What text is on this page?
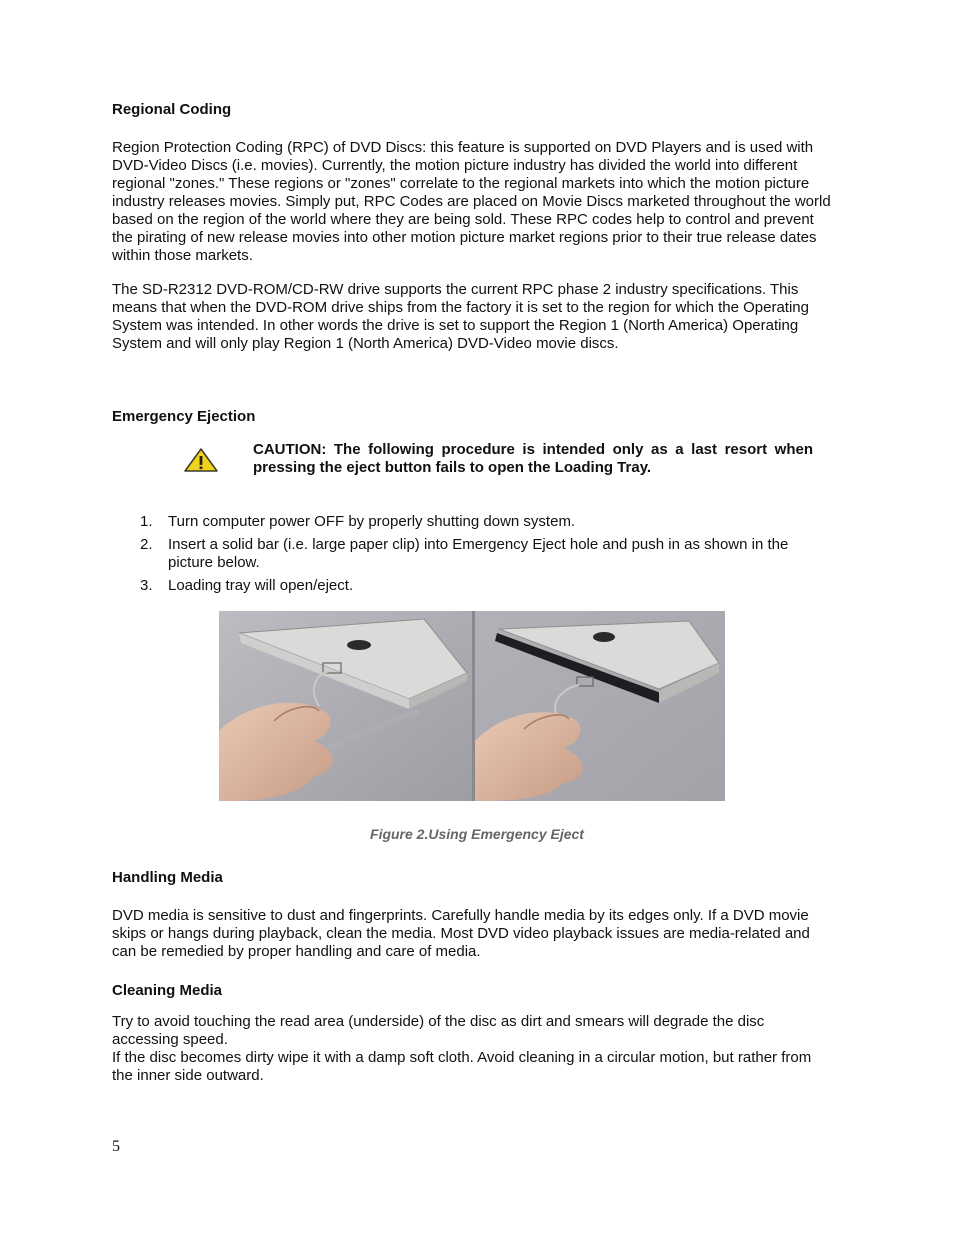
Regional Coding

Region Protection Coding (RPC) of DVD Discs: this feature is supported on DVD Players and is used with DVD-Video Discs (i.e. movies). Currently, the motion picture industry has divided the world into different regional "zones." These regions or "zones" correlate to the regional markets into which the motion picture industry releases movies. Simply put, RPC Codes are placed on Movie Discs marketed throughout the world based on the region of the world where they are being sold. These RPC codes help to control and prevent the pirating of new release movies into other motion picture market regions prior to their true release dates within those markets.

The SD-R2312 DVD-ROM/CD-RW drive supports the current RPC phase 2 industry specifications. This means that when the DVD-ROM drive ships from the factory it is set to the region for which the Operating System was intended. In other words the drive is set to support the Region 1 (North America) Operating System and will only play Region 1 (North America) DVD-Video movie discs.

Emergency Ejection

CAUTION: The following procedure is intended only as a last resort when pressing the eject button fails to open the Loading Tray.

1. Turn computer power OFF by properly shutting down system.
2. Insert a solid bar (i.e. large paper clip) into Emergency Eject hole and push in as shown in the picture below.
3. Loading tray will open/eject.

Figure 2.Using Emergency Eject

Handling Media

DVD media is sensitive to dust and fingerprints. Carefully handle media by its edges only. If a DVD movie skips or hangs during playback, clean the media. Most DVD video playback issues are media-related and can be remedied by proper handling and care of media.

Cleaning Media

Try to avoid touching the read area (underside) of the disc as dirt and smears will degrade the disc accessing speed.

If the disc becomes dirty wipe it with a damp soft cloth. Avoid cleaning in a circular motion, but rather from the inner side outward.

5
